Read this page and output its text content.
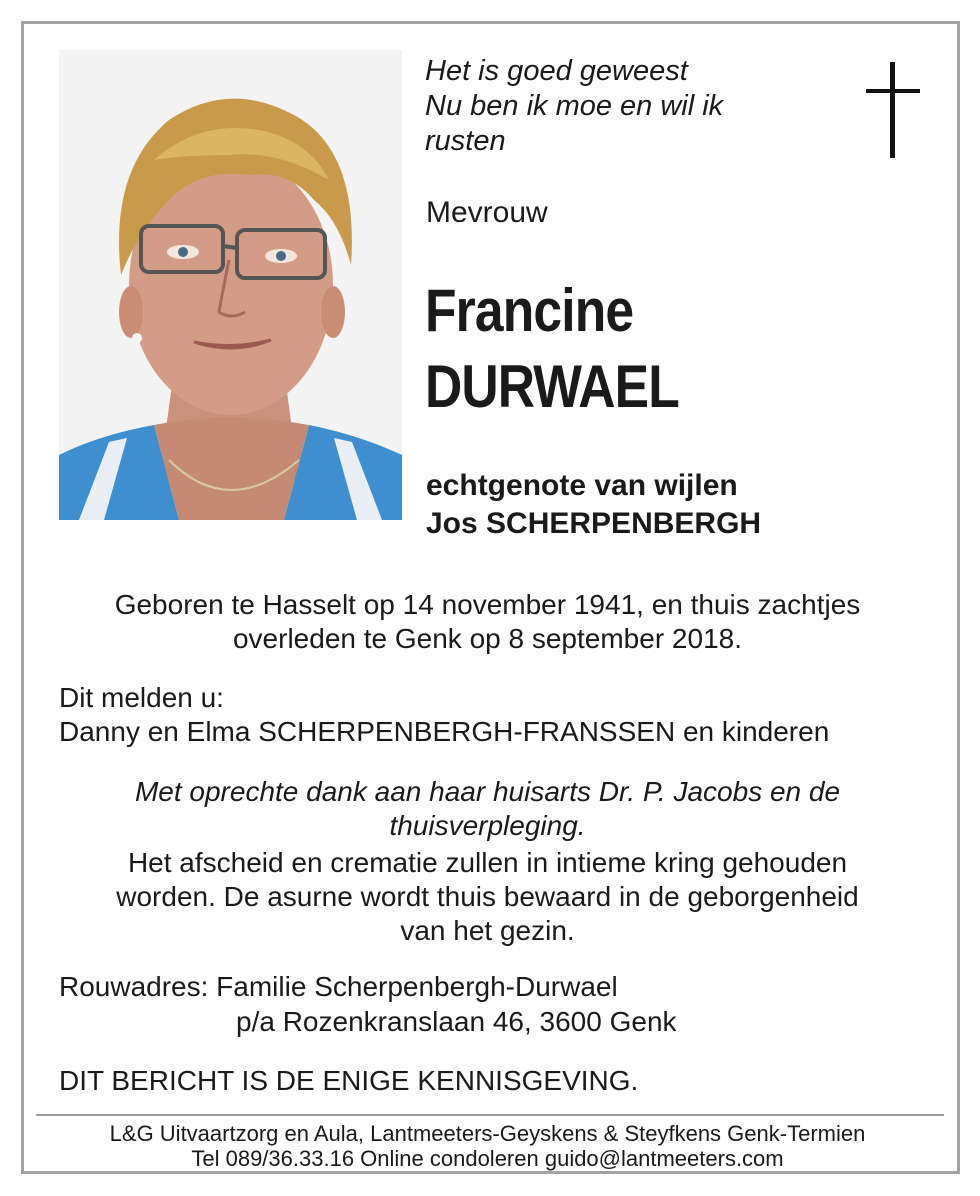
Het is goed geweest
Nu ben ik moe en wil ik
rusten
Mevrouw
Francine
DURWAEL
echtgenote van wijlen
Jos SCHERPENBERGH
Geboren te Hasselt op 14 november 1941, en thuis zachtjes
overleden te Genk op 8 september 2018.
Dit melden u:
Danny en Elma SCHERPENBERGH-FRANSSEN en kinderen
Met oprechte dank aan haar huisarts Dr. P. Jacobs en de
thuisverpleging.
Het afscheid en crematie zullen in intieme kring gehouden
worden. De asurne wordt thuis bewaard in de geborgenheid
van het gezin.
Rouwadres: Familie Scherpenbergh-Durwael
p/a Rozenkranslaan 46, 3600 Genk
DIT BERICHT IS DE ENIGE KENNISGEVING.
L&G Uitvaartzorg en Aula, Lantmeeters-Geyskens & Steyfkens Genk-Termien
Tel 089/36.33.16 Online condoleren guido@lantmeeters.com
